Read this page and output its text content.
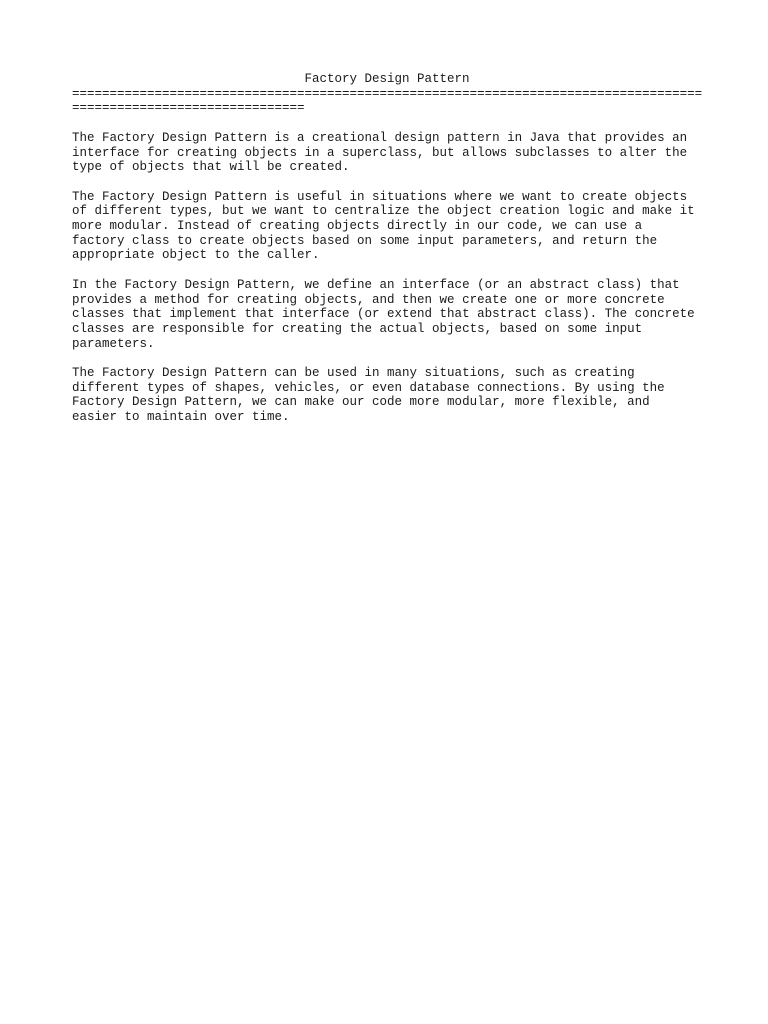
Factory Design Pattern
====================================================================================
===============================
The Factory Design Pattern is a creational design pattern in Java that provides an
interface for creating objects in a superclass, but allows subclasses to alter the
type of objects that will be created.
The Factory Design Pattern is useful in situations where we want to create objects
of different types, but we want to centralize the object creation logic and make it
more modular. Instead of creating objects directly in our code, we can use a
factory class to create objects based on some input parameters, and return the
appropriate object to the caller.
In the Factory Design Pattern, we define an interface (or an abstract class) that
provides a method for creating objects, and then we create one or more concrete
classes that implement that interface (or extend that abstract class). The concrete
classes are responsible for creating the actual objects, based on some input
parameters.
The Factory Design Pattern can be used in many situations, such as creating
different types of shapes, vehicles, or even database connections. By using the
Factory Design Pattern, we can make our code more modular, more flexible, and
easier to maintain over time.
